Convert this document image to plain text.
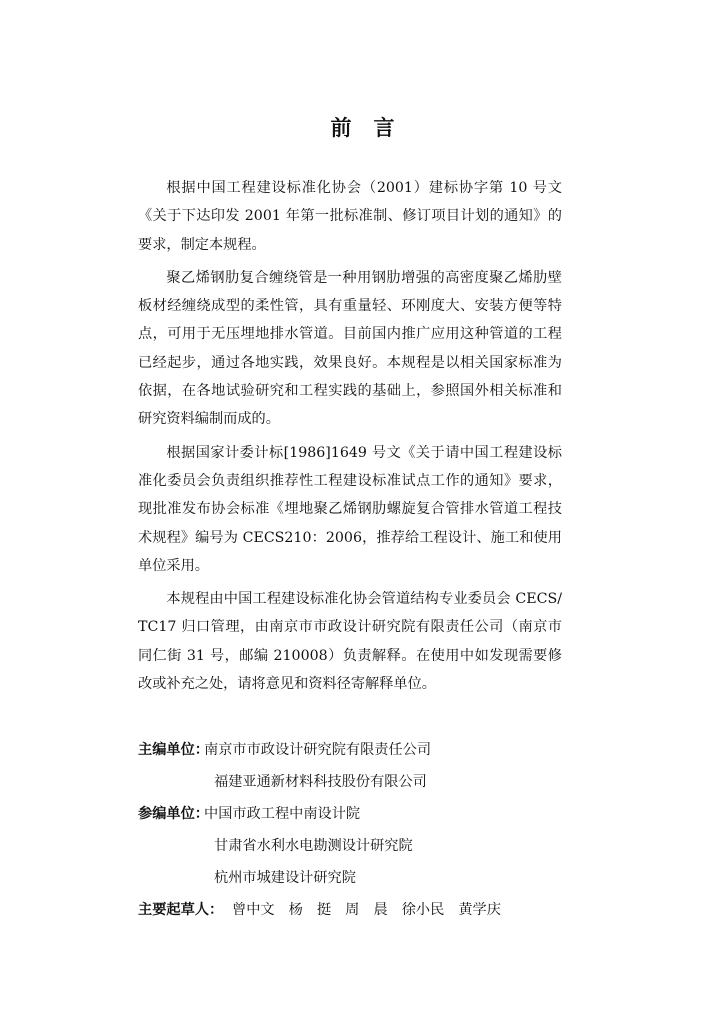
前 言

根据中国工程建设标准化协会（2001）建标协字第 10 号文《关于下达印发 2001 年第一批标准制、修订项目计划的通知》的要求，制定本规程。

聚乙烯钢肋复合缠绕管是一种用钢肋增强的高密度聚乙烯肋壁板材经缠绕成型的柔性管，具有重量轻、环刚度大、安装方便等特点，可用于无压埋地排水管道。目前国内推广应用这种管道的工程已经起步，通过各地实践，效果良好。本规程是以相关国家标准为依据，在各地试验研究和工程实践的基础上，参照国外相关标准和研究资料编制而成的。

根据国家计委计标[1986]1649 号文《关于请中国工程建设标准化委员会负责组织推荐性工程建设标准试点工作的通知》要求，现批准发布协会标准《埋地聚乙烯钢肋螺旋复合管排水管道工程技术规程》编号为 CECS210：2006，推荐给工程设计、施工和使用单位采用。

本规程由中国工程建设标准化协会管道结构专业委员会 CECS/TC17 归口管理，由南京市市政设计研究院有限责任公司（南京市同仁街 31 号，邮编 210008）负责解释。在使用中如发现需要修改或补充之处，请将意见和资料径寄解释单位。

主编单位：
南京市市政设计研究院有限责任公司
福建亚通新材料科技股份有限公司
参编单位：
中国市政工程中南设计院
甘肃省水利水电勘测设计研究院
杭州市城建设计研究院
主要起草人： 曾中文 杨　挺 周　晨 徐小民 黄学庆
